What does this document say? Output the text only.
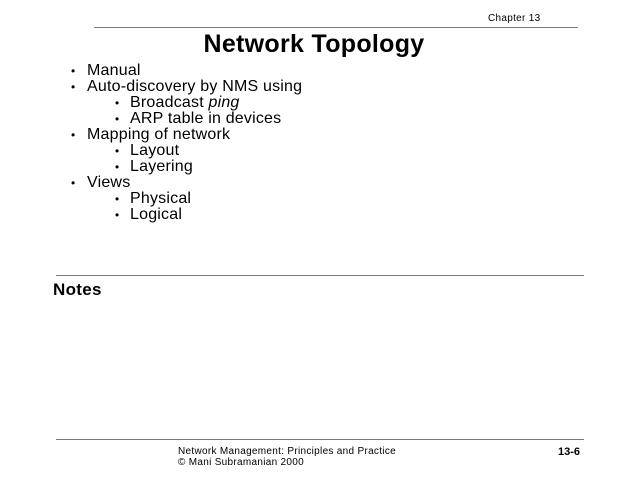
Chapter 13
Network Topology
• Manual
• Auto-discovery by NMS using
• Broadcast ping
• ARP table in devices
• Mapping of network
• Layout
• Layering
• Views
• Physical
• Logical
Notes
Network Management: Principles and Practice
© Mani Subramanian 2000
13-6
